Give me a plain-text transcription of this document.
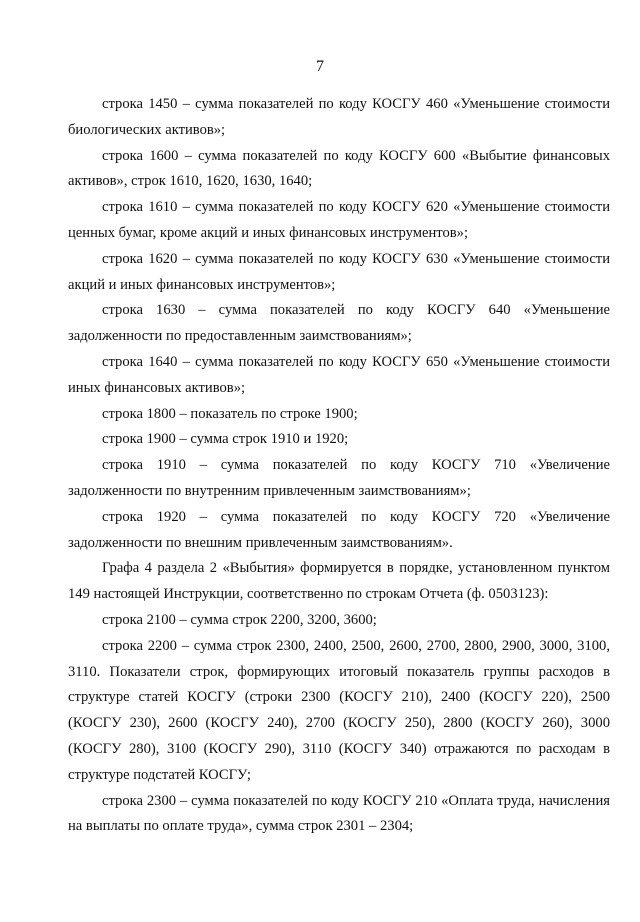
7

строка 1450 – сумма показателей по коду КОСГУ 460 «Уменьшение стоимости биологических активов»;

строка 1600 – сумма показателей по коду КОСГУ 600 «Выбытие финансовых активов», строк 1610, 1620, 1630, 1640;

строка 1610 – сумма показателей по коду КОСГУ 620 «Уменьшение стоимости ценных бумаг, кроме акций и иных финансовых инструментов»;

строка 1620 – сумма показателей по коду КОСГУ 630 «Уменьшение стоимости акций и иных финансовых инструментов»;

строка 1630 – сумма показателей по коду КОСГУ 640 «Уменьшение задолженности по предоставленным заимствованиям»;

строка 1640 – сумма показателей по коду КОСГУ 650 «Уменьшение стоимости иных финансовых активов»;

строка 1800 – показатель по строке 1900;

строка 1900 – сумма строк 1910 и 1920;

строка 1910 – сумма показателей по коду КОСГУ 710 «Увеличение задолженности по внутренним привлеченным заимствованиям»;

строка 1920 – сумма показателей по коду КОСГУ 720 «Увеличение задолженности по внешним привлеченным заимствованиям».

Графа 4 раздела 2 «Выбытия» формируется в порядке, установленном пунктом 149 настоящей Инструкции, соответственно по строкам Отчета (ф. 0503123):

строка 2100 – сумма строк 2200, 3200, 3600;

строка 2200 – сумма строк 2300, 2400, 2500, 2600, 2700, 2800, 2900, 3000, 3100, 3110. Показатели строк, формирующих итоговый показатель группы расходов в структуре статей КОСГУ (строки 2300 (КОСГУ 210), 2400 (КОСГУ 220), 2500 (КОСГУ 230), 2600 (КОСГУ 240), 2700 (КОСГУ 250), 2800 (КОСГУ 260), 3000 (КОСГУ 280), 3100 (КОСГУ 290), 3110 (КОСГУ 340) отражаются по расходам в структуре подстатей КОСГУ;

строка 2300 – сумма показателей по коду КОСГУ 210 «Оплата труда, начисления на выплаты по оплате труда», сумма строк 2301 – 2304;
